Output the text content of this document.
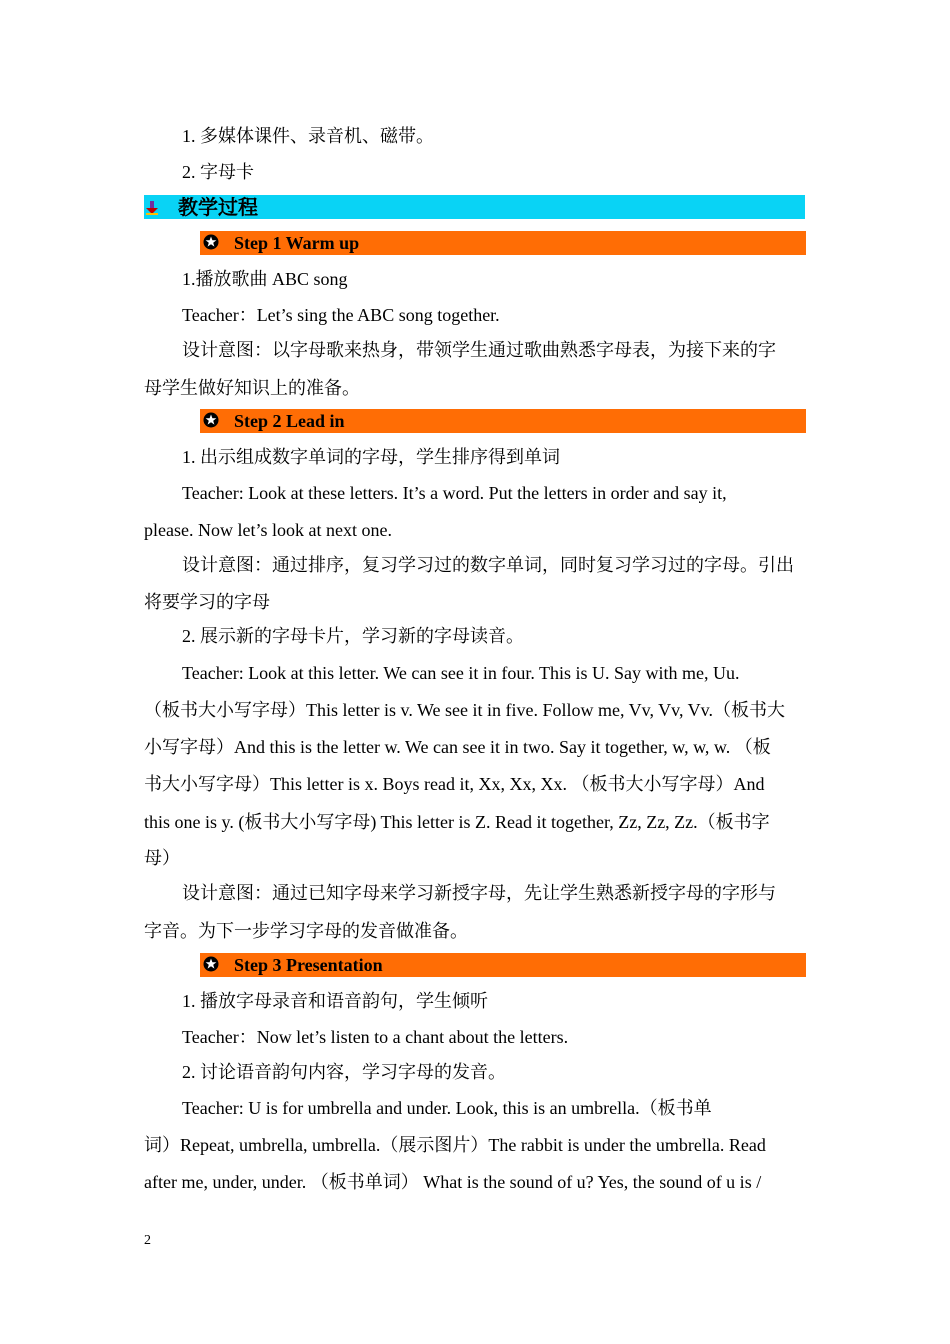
1. 多媒体课件、录音机、磁带。
2. 字母卡
教学过程
Step 1 Warm up
1.播放歌曲 ABC song
Teacher：Let’s sing the ABC song together.
设计意图：以字母歌来热身，带领学生通过歌曲熟悉字母表，为接下来的字
母学生做好知识上的准备。
Step 2 Lead in
1. 出示组成数字单词的字母，学生排序得到单词
Teacher: Look at these letters. It’s a word. Put the letters in order and say it,
please. Now let’s look at next one.
设计意图：通过排序，复习学习过的数字单词，同时复习学习过的字母。引出
将要学习的字母
2. 展示新的字母卡片，学习新的字母读音。
Teacher: Look at this letter. We can see it in four. This is U. Say with me, Uu.
（板书大小写字母）This letter is v. We see it in five. Follow me, Vv, Vv, Vv.（板书大
小写字母）And this is the letter w. We can see it in two. Say it together, w, w, w. （板
书大小写字母）This letter is x. Boys read it, Xx, Xx, Xx. （板书大小写字母）And
this one is y. (板书大小写字母) This letter is Z. Read it together, Zz, Zz, Zz.（板书字
母）
设计意图：通过已知字母来学习新授字母，先让学生熟悉新授字母的字形与
字音。为下一步学习字母的发音做准备。
Step 3 Presentation
1. 播放字母录音和语音韵句，学生倾听
Teacher：Now let’s listen to a chant about the letters.
2. 讨论语音韵句内容，学习字母的发音。
Teacher: U is for umbrella and under. Look, this is an umbrella.（板书单
词）Repeat, umbrella, umbrella.（展示图片）The rabbit is under the umbrella. Read
after me, under, under. （板书单词） What is the sound of u? Yes, the sound of u is /
2
